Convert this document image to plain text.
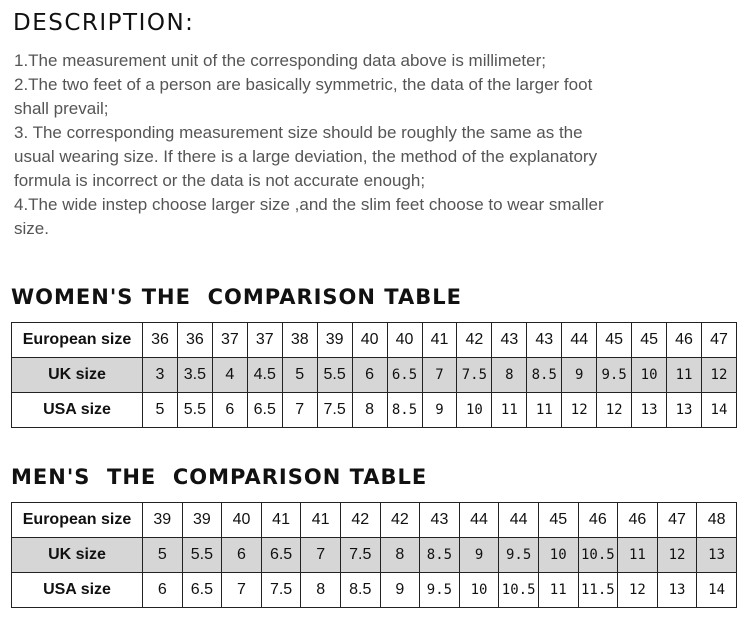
DESCRIPTION:
1.The measurement unit of the corresponding data above is millimeter;
2.The two feet of a person are basically symmetric, the data of the larger foot shall prevail;
3. The corresponding measurement size should be roughly the same as the usual wearing size. If there is a large deviation, the method of the explanatory formula is incorrect or the data is not accurate enough;
4.The wide instep choose larger size ,and the slim feet choose to wear smaller size.
WOMEN'S THE  COMPARISON TABLE
European size	36	36	37	37	38	39	40	40	41	42	43	43	44	45	45	46	47
UK size	3	3.5	4	4.5	5	5.5	6	6.5	7	7.5	8	8.5	9	9.5	10	11	12
USA size	5	5.5	6	6.5	7	7.5	8	8.5	9	10	11	11	12	12	13	13	14
MEN'S  THE  COMPARISON TABLE
European size	39	39	40	41	41	42	42	43	44	44	45	46	46	47	48
UK size	5	5.5	6	6.5	7	7.5	8	8.5	9	9.5	10	10.5	11	12	13
USA size	6	6.5	7	7.5	8	8.5	9	9.5	10	10.5	11	11.5	12	13	14
